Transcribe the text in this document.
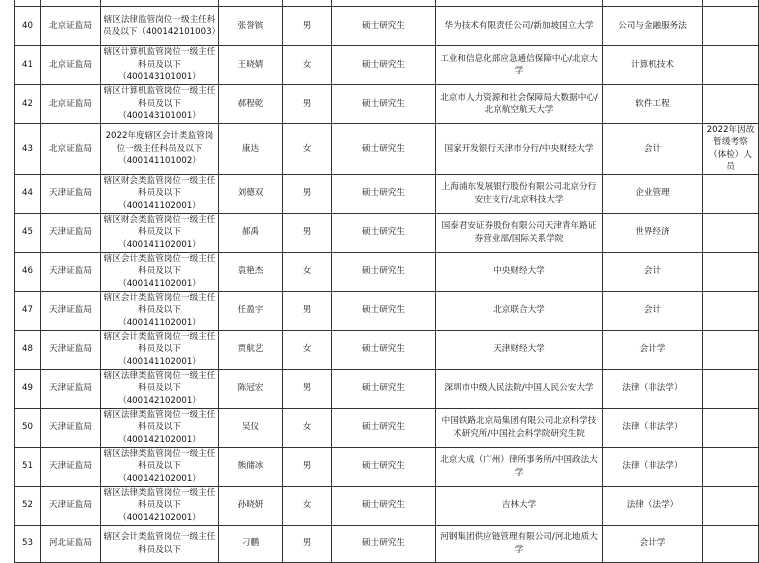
40	北京证监局	辖区法律监管岗位一级主任科员及以下（400142101003）	张誉镔	男	硕士研究生	华为技术有限责任公司/新加坡国立大学	公司与金融服务法	
41	北京证监局	辖区计算机监管岗位一级主任科员及以下（400143101001）	王晓婧	女	硕士研究生	工业和信息化部应急通信保障中心/北京大学	计算机技术	
42	北京证监局	辖区计算机监管岗位一级主任科员及以下（400143101001）	郝程乾	男	硕士研究生	北京市人力资源和社会保障局大数据中心/北京航空航天大学	软件工程	
43	北京证监局	2022年度辖区会计类监管岗位一级主任科员及以下（400141101002）	康达	女	硕士研究生	国家开发银行天津市分行/中央财经大学	会计	2022年因故暂缓考察（体检）人员
44	天津证监局	辖区财会类监管岗位一级主任科员及以下（400141102001）	刘德双	男	硕士研究生	上海浦东发展银行股份有限公司北京分行安庄支行/北京科技大学	企业管理	
45	天津证监局	辖区财会类监管岗位一级主任科员及以下（400141102001）	郝禹	男	硕士研究生	国泰君安证券股份有限公司天津青年路证券营业部/国际关系学院	世界经济	
46	天津证监局	辖区会计类监管岗位一级主任科员及以下（400141102001）	袁艳杰	女	硕士研究生	中央财经大学	会计	
47	天津证监局	辖区会计类监管岗位一级主任科员及以下（400141102001）	任盈宇	男	硕士研究生	北京联合大学	会计	
48	天津证监局	辖区会计类监管岗位一级主任科员及以下（400141102001）	贾航艺	女	硕士研究生	天津财经大学	会计学	
49	天津证监局	辖区法律类监管岗位一级主任科员及以下（400142102001）	陈冠宏	男	硕士研究生	深圳市中级人民法院/中国人民公安大学	法律（非法学）	
50	天津证监局	辖区法律类监管岗位一级主任科员及以下（400142102001）	吴仪	女	硕士研究生	中国铁路北京局集团有限公司北京科学技术研究所/中国社会科学院研究生院	法律（非法学）	
51	天津证监局	辖区法律类监管岗位一级主任科员及以下（400142102001）	熊储冰	男	硕士研究生	北京大成（广州）律所事务所/中国政法大学	法律（非法学）	
52	天津证监局	辖区法律类监管岗位一级主任科员及以下（400142102001）	孙晓妍	女	硕士研究生	吉林大学	法律（法学）	
53	河北证监局	辖区会计类监管岗位一级主任科员及以下	刁鹏	男	硕士研究生	河钢集团供应链管理有限公司/河北地质大学	会计学	
